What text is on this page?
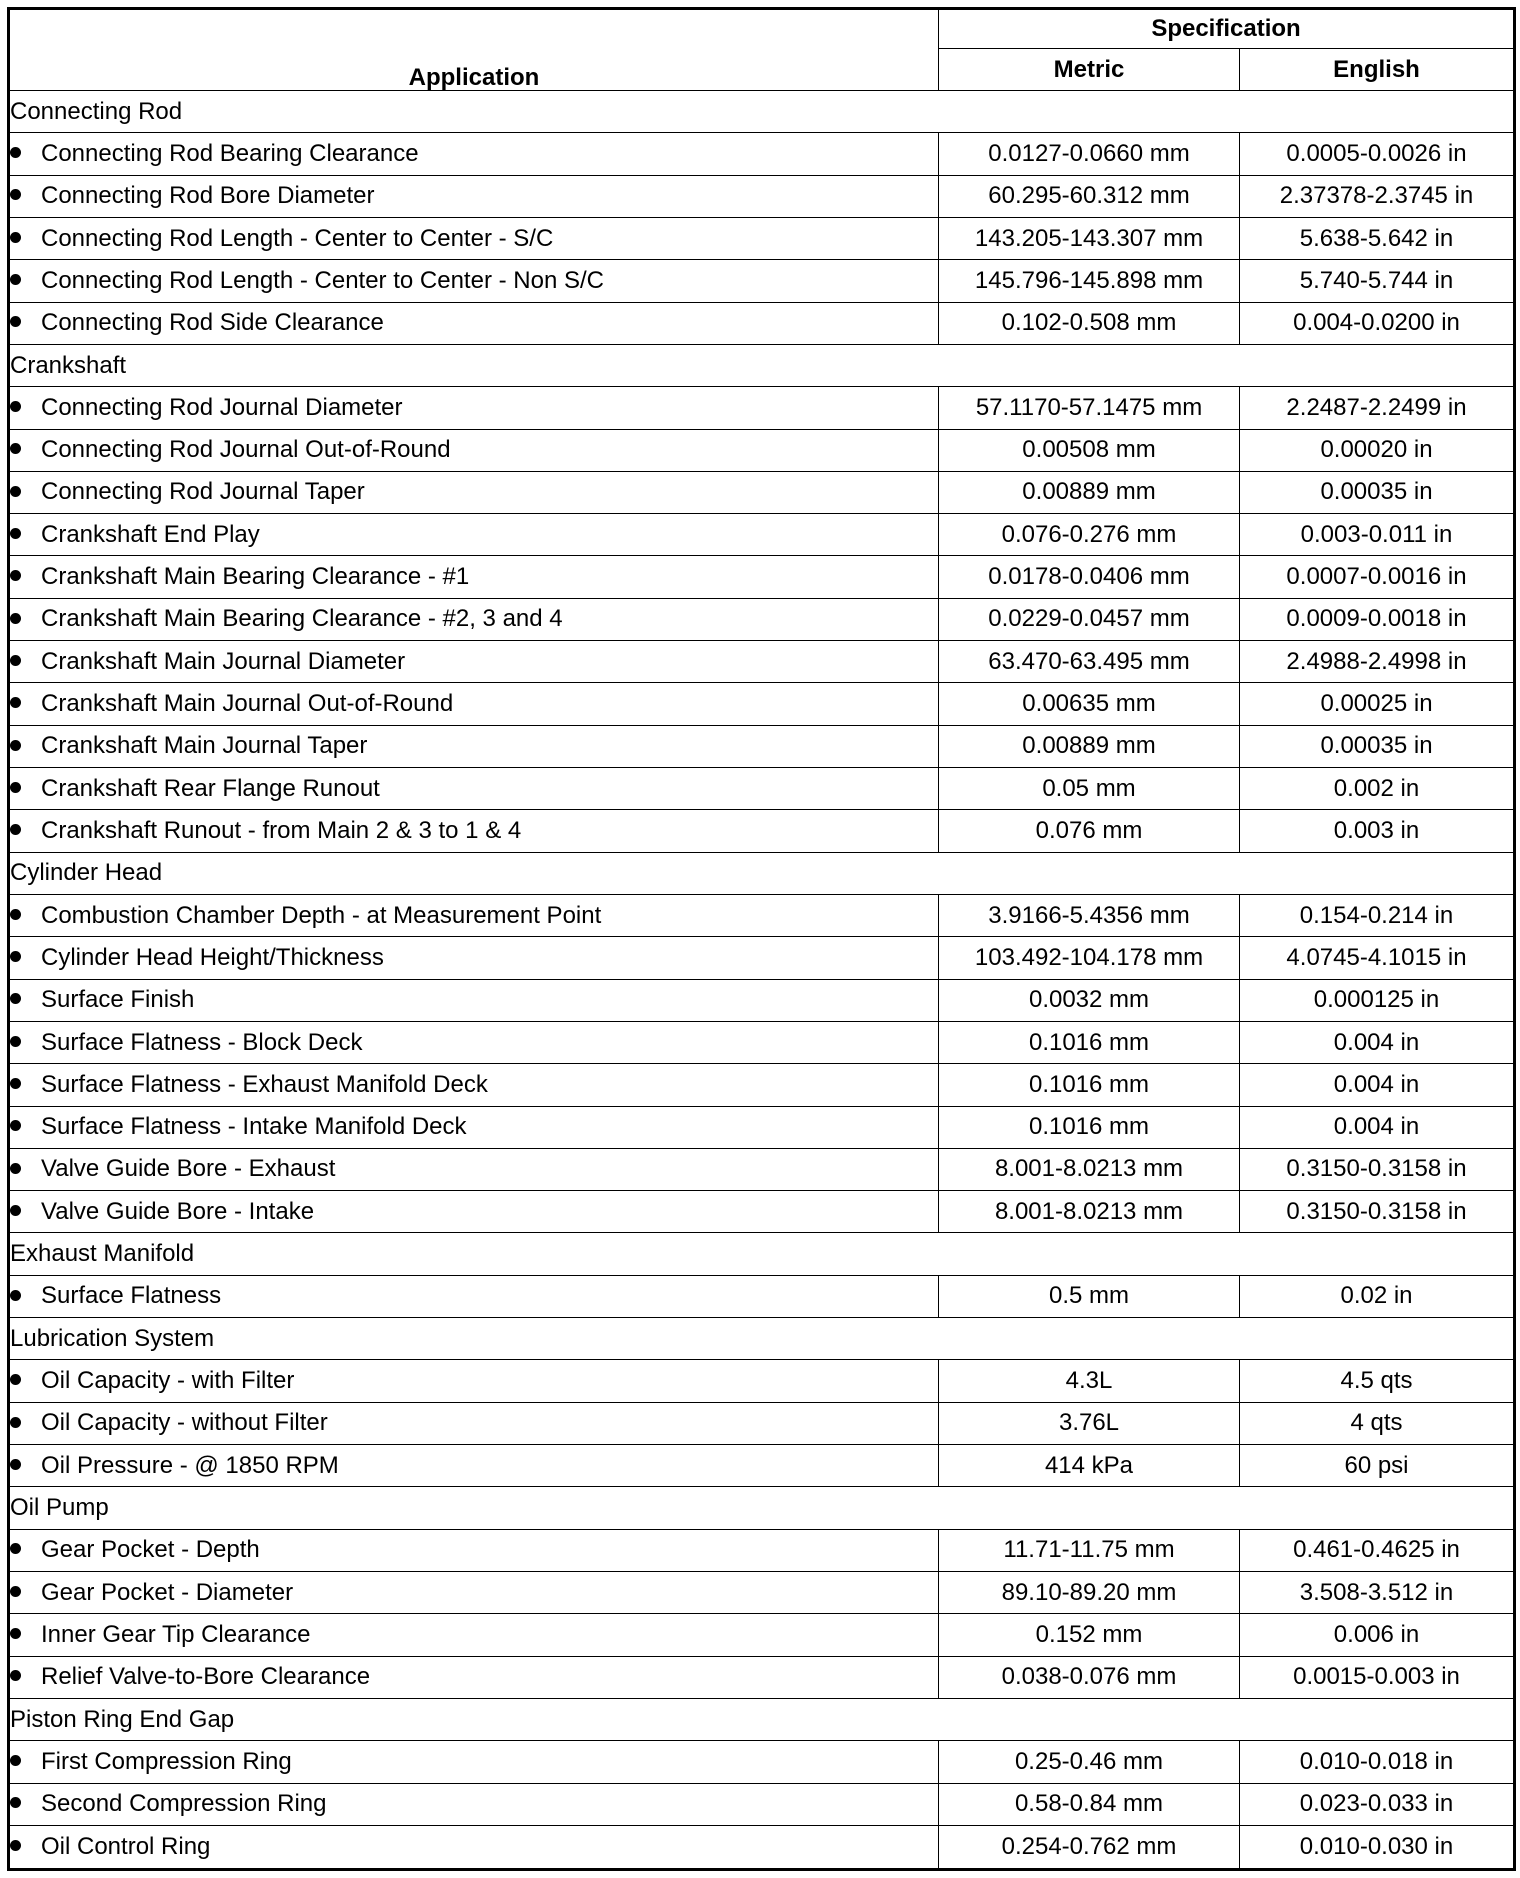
Application	Specification	
	Metric	English
Connecting Rod		
Connecting Rod Bearing Clearance	0.0127-0.0660 mm	0.0005-0.0026 in
Connecting Rod Bore Diameter	60.295-60.312 mm	2.37378-2.3745 in
Connecting Rod Length - Center to Center - S/C	143.205-143.307 mm	5.638-5.642 in
Connecting Rod Length - Center to Center - Non S/C	145.796-145.898 mm	5.740-5.744 in
Connecting Rod Side Clearance	0.102-0.508 mm	0.004-0.0200 in
Crankshaft		
Connecting Rod Journal Diameter	57.1170-57.1475 mm	2.2487-2.2499 in
Connecting Rod Journal Out-of-Round	0.00508 mm	0.00020 in
Connecting Rod Journal Taper	0.00889 mm	0.00035 in
Crankshaft End Play	0.076-0.276 mm	0.003-0.011 in
Crankshaft Main Bearing Clearance - #1	0.0178-0.0406 mm	0.0007-0.0016 in
Crankshaft Main Bearing Clearance - #2, 3 and 4	0.0229-0.0457 mm	0.0009-0.0018 in
Crankshaft Main Journal Diameter	63.470-63.495 mm	2.4988-2.4998 in
Crankshaft Main Journal Out-of-Round	0.00635 mm	0.00025 in
Crankshaft Main Journal Taper	0.00889 mm	0.00035 in
Crankshaft Rear Flange Runout	0.05 mm	0.002 in
Crankshaft Runout - from Main 2 & 3 to 1 & 4	0.076 mm	0.003 in
Cylinder Head		
Combustion Chamber Depth - at Measurement Point	3.9166-5.4356 mm	0.154-0.214 in
Cylinder Head Height/Thickness	103.492-104.178 mm	4.0745-4.1015 in
Surface Finish	0.0032 mm	0.000125 in
Surface Flatness - Block Deck	0.1016 mm	0.004 in
Surface Flatness - Exhaust Manifold Deck	0.1016 mm	0.004 in
Surface Flatness - Intake Manifold Deck	0.1016 mm	0.004 in
Valve Guide Bore - Exhaust	8.001-8.0213 mm	0.3150-0.3158 in
Valve Guide Bore - Intake	8.001-8.0213 mm	0.3150-0.3158 in
Exhaust Manifold		
Surface Flatness	0.5 mm	0.02 in
Lubrication System		
Oil Capacity - with Filter	4.3L	4.5 qts
Oil Capacity - without Filter	3.76L	4 qts
Oil Pressure - @ 1850 RPM	414 kPa	60 psi
Oil Pump		
Gear Pocket - Depth	11.71-11.75 mm	0.461-0.4625 in
Gear Pocket - Diameter	89.10-89.20 mm	3.508-3.512 in
Inner Gear Tip Clearance	0.152 mm	0.006 in
Relief Valve-to-Bore Clearance	0.038-0.076 mm	0.0015-0.003 in
Piston Ring End Gap		
First Compression Ring	0.25-0.46 mm	0.010-0.018 in
Second Compression Ring	0.58-0.84 mm	0.023-0.033 in
Oil Control Ring	0.254-0.762 mm	0.010-0.030 in
